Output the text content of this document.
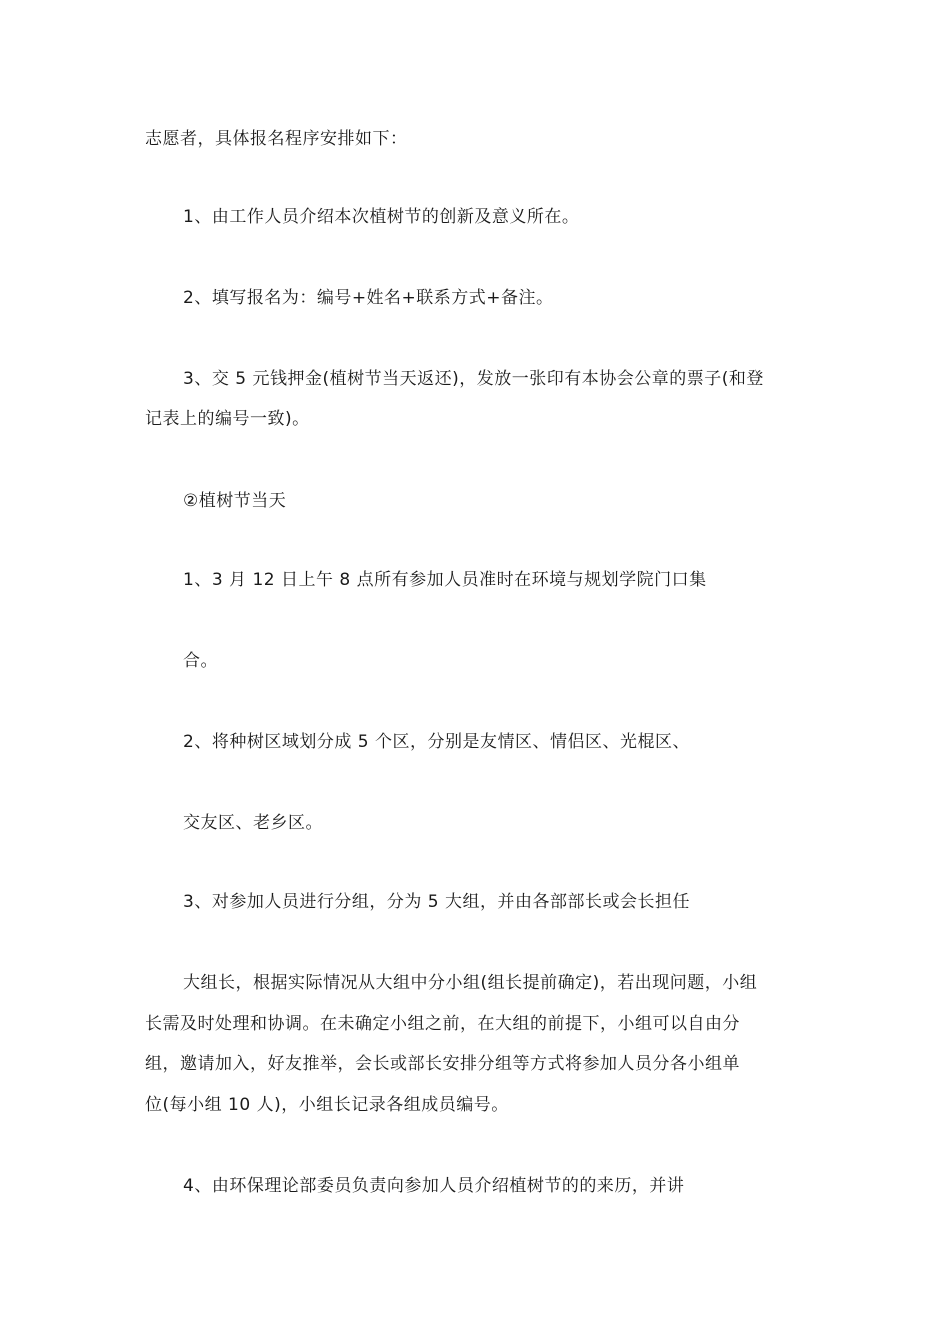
志愿者，具体报名程序安排如下：
1、由工作人员介绍本次植树节的创新及意义所在。
2、填写报名为：编号+姓名+联系方式+备注。
3、交 5 元钱押金(植树节当天返还)，发放一张印有本协会公章的票子(和登
记表上的编号一致)。
②植树节当天
1、3 月 12 日上午 8 点所有参加人员准时在环境与规划学院门口集
合。
2、将种树区域划分成 5 个区，分别是友情区、情侣区、光棍区、
交友区、老乡区。
3、对参加人员进行分组，分为 5 大组，并由各部部长或会长担任
大组长，根据实际情况从大组中分小组(组长提前确定)，若出现问题，小组
长需及时处理和协调。在未确定小组之前，在大组的前提下，小组可以自由分
组，邀请加入，好友推举，会长或部长安排分组等方式将参加人员分各小组单
位(每小组 10 人)，小组长记录各组成员编号。
4、由环保理论部委员负责向参加人员介绍植树节的的来历，并讲
